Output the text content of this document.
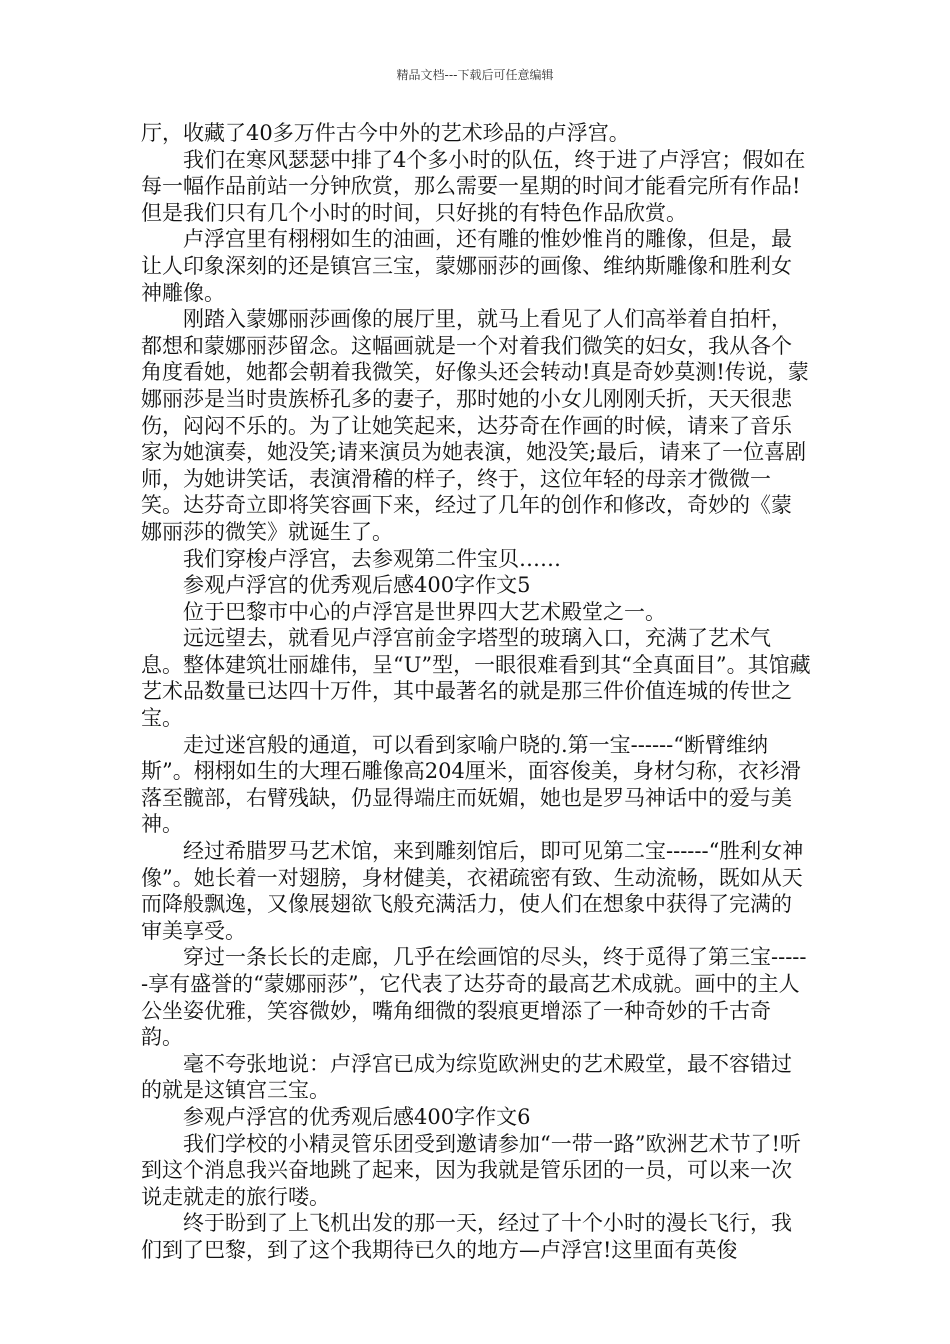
精品文档---下载后可任意编辑

厅，收藏了40多万件古今中外的艺术珍品的卢浮宫。

我们在寒风瑟瑟中排了4个多小时的队伍，终于进了卢浮宫；假如在每一幅作品前站一分钟欣赏，那么需要一星期的时间才能看完所有作品!但是我们只有几个小时的时间，只好挑的有特色作品欣赏。

卢浮宫里有栩栩如生的油画，还有雕的惟妙惟肖的雕像，但是，最让人印象深刻的还是镇宫三宝，蒙娜丽莎的画像、维纳斯雕像和胜利女神雕像。

刚踏入蒙娜丽莎画像的展厅里，就马上看见了人们高举着自拍杆，都想和蒙娜丽莎留念。这幅画就是一个对着我们微笑的妇女，我从各个角度看她，她都会朝着我微笑，好像头还会转动!真是奇妙莫测!传说，蒙娜丽莎是当时贵族桥孔多的妻子，那时她的小女儿刚刚夭折，天天很悲伤，闷闷不乐的。为了让她笑起来，达芬奇在作画的时候，请来了音乐家为她演奏，她没笑;请来演员为她表演，她没笑;最后，请来了一位喜剧师，为她讲笑话，表演滑稽的样子，终于，这位年轻的母亲才微微一笑。达芬奇立即将笑容画下来，经过了几年的创作和修改，奇妙的《蒙娜丽莎的微笑》就诞生了。

我们穿梭卢浮宫，去参观第二件宝贝……

参观卢浮宫的优秀观后感400字作文5

位于巴黎市中心的卢浮宫是世界四大艺术殿堂之一。

远远望去，就看见卢浮宫前金字塔型的玻璃入口，充满了艺术气息。整体建筑壮丽雄伟，呈“U”型，一眼很难看到其“全真面目”。其馆藏艺术品数量已达四十万件，其中最著名的就是那三件价值连城的传世之宝。

走过迷宫般的通道，可以看到家喻户晓的.第一宝------“断臂维纳斯”。栩栩如生的大理石雕像高204厘米，面容俊美，身材匀称，衣衫滑落至髋部，右臂残缺，仍显得端庄而妩媚，她也是罗马神话中的爱与美神。

经过希腊罗马艺术馆，来到雕刻馆后，即可见第二宝------“胜利女神像”。她长着一对翅膀，身材健美，衣裙疏密有致、生动流畅，既如从天而降般飘逸，又像展翅欲飞般充满活力，使人们在想象中获得了完满的审美享受。

穿过一条长长的走廊，几乎在绘画馆的尽头，终于觅得了第三宝------享有盛誉的“蒙娜丽莎”，它代表了达芬奇的最高艺术成就。画中的主人公坐姿优雅，笑容微妙，嘴角细微的裂痕更增添了一种奇妙的千古奇韵。

毫不夸张地说：卢浮宫已成为综览欧洲史的艺术殿堂，最不容错过的就是这镇宫三宝。

参观卢浮宫的优秀观后感400字作文6

我们学校的小精灵管乐团受到邀请参加“一带一路”欧洲艺术节了!听到这个消息我兴奋地跳了起来，因为我就是管乐团的一员，可以来一次说走就走的旅行喽。

终于盼到了上飞机出发的那一天，经过了十个小时的漫长飞行，我们到了巴黎，到了这个我期待已久的地方—卢浮宫!这里面有英俊
